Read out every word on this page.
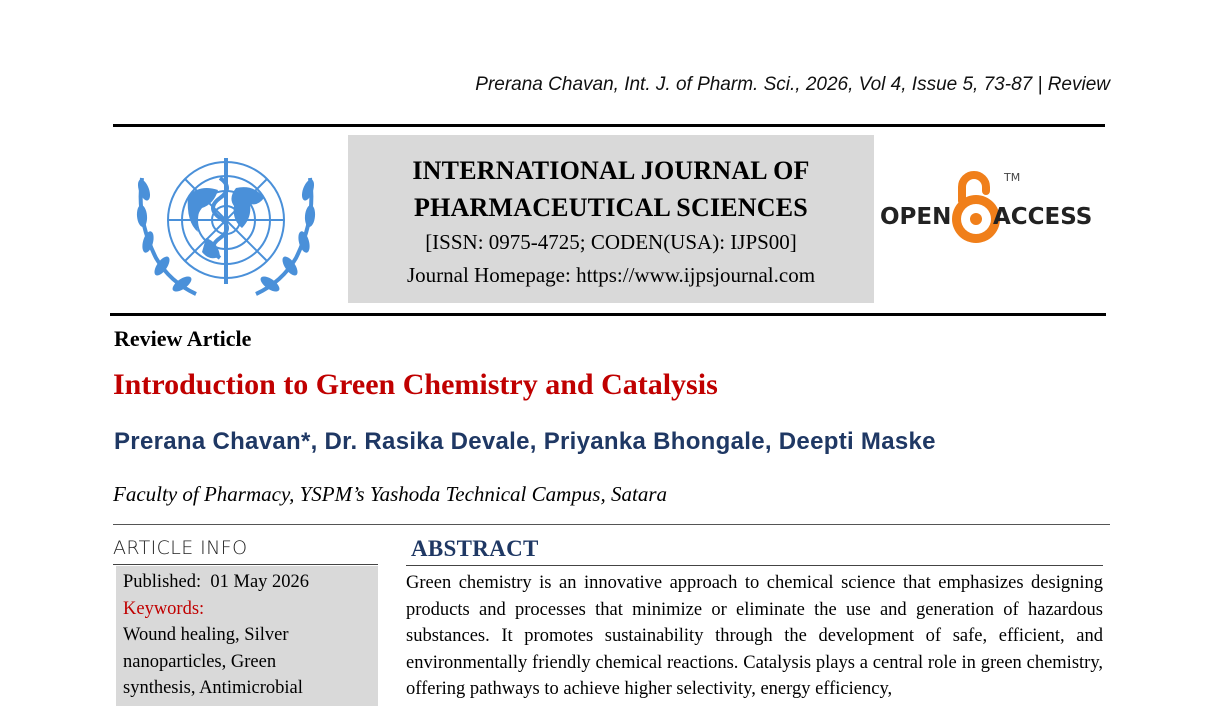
Prerana Chavan, Int. J. of Pharm. Sci., 2026, Vol 4, Issue 5, 73-87 | Review
INTERNATIONAL JOURNAL OF
PHARMACEUTICAL SCIENCES
[ISSN: 0975-4725; CODEN(USA): IJPS00]
Journal Homepage: https://www.ijpsjournal.com
OPEN ACCESS
TM
Review Article
Introduction to Green Chemistry and Catalysis
Prerana Chavan*, Dr. Rasika Devale, Priyanka Bhongale, Deepti Maske
Faculty of Pharmacy, YSPM’s Yashoda Technical Campus, Satara
ARTICLE INFO
Published: 01 May 2026
Keywords:
Wound healing, Silver
nanoparticles, Green
synthesis, Antimicrobial
ABSTRACT
Green chemistry is an innovative approach to chemical science that emphasizes designing products and processes that minimize or eliminate the use and generation of hazardous substances. It promotes sustainability through the development of safe, efficient, and environmentally friendly chemical reactions. Catalysis plays a central role in green chemistry, offering pathways to achieve higher selectivity, energy efficiency,
